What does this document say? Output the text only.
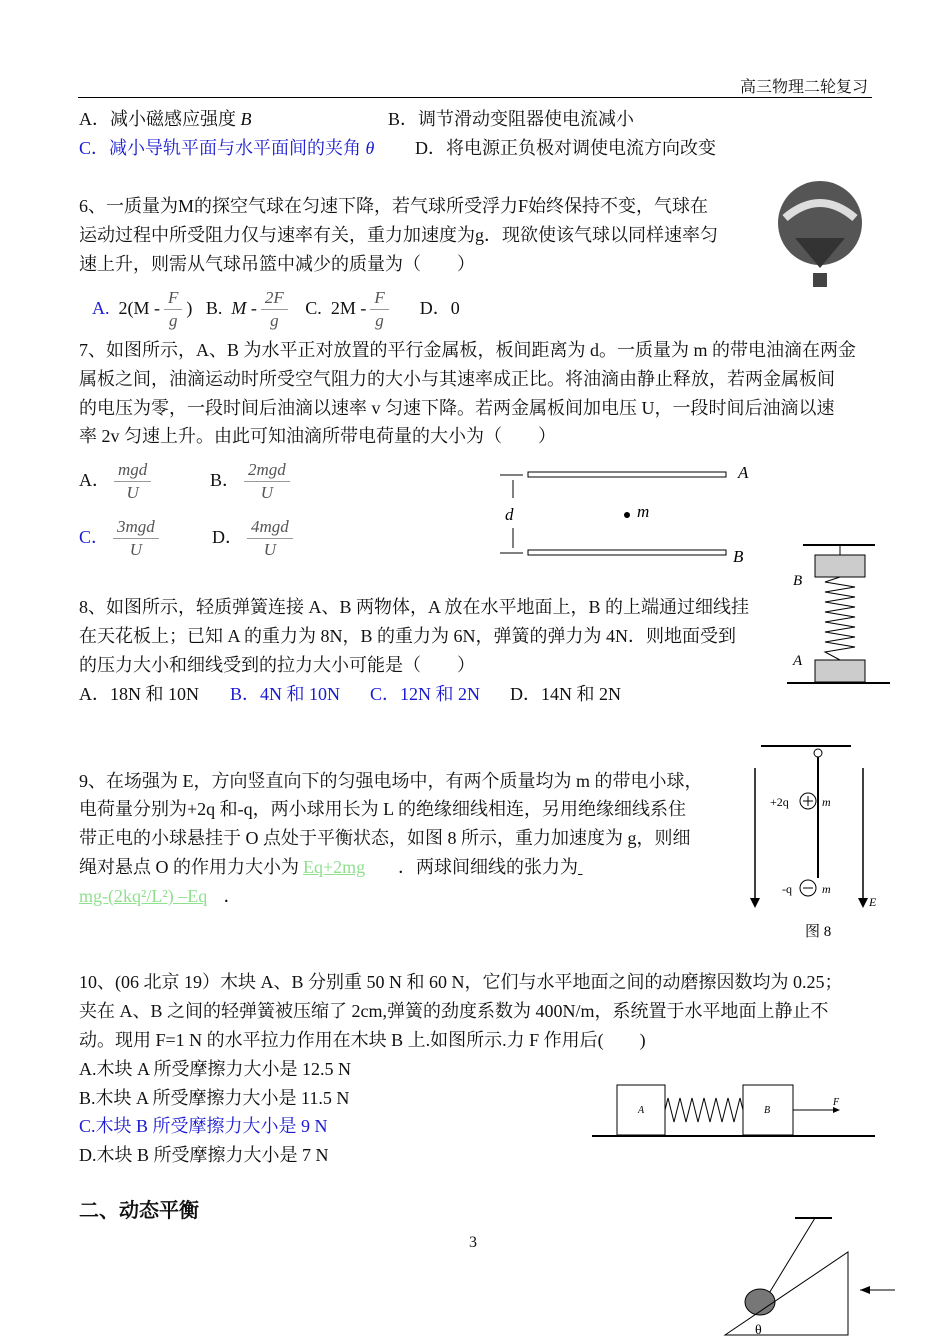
高三物理二轮复习
A．减小磁感应强度 B	B．调节滑动变阻器使电流减小
C．减小导轨平面与水平面间的夹角 θ D．将电源正负极对调使电流方向改变
6、一质量为M的探空气球在匀速下降，若气球所受浮力F始终保持不变，气球在
运动过程中所受阻力仅与速率有关，重力加速度为g．现欲使该气球以同样速率匀
速上升，则需从气球吊篮中减少的质量为（　　）
A. $2(M - \frac{F}{g}$ ) B. M - $\frac{2F}{g} C$. $2M - \frac{F}{g}$ D．0
7、如图所示，A、B 为水平正对放置的平行金属板，板间距离为 d。一质量为 m 的带电油滴在两金
属板之间，油滴运动时所受空气阻力的大小与其速率成正比。将油滴由静止释放，若两金属板间
的电压为零，一段时间后油滴以速率 v 匀速下降。若两金属板间加电压 U，一段时间后油滴以速
率 2v 匀速上升。由此可知油滴所带电荷量的大小为（　　）
A． $\frac{\text{mgd}}{U}$	B． $\frac{\text{2mgd}}{U}$
C． $\frac{\text{3mgd}}{U}$	D． $\frac{\text{4mgd}}{U}$
A
B
d	m
8、如图所示，轻质弹簧连接 A、B 两物体，A 放在水平地面上，B 的上端通过细线挂
在天花板上；已知 A 的重力为 8N，B 的重力为 6N，弹簧的弹力为 4N．则地面受到
的压力大小和细线受到的拉力大小可能是（　　）
A．18N 和 10N B．4N 和 10N C．12N 和 2N D．14N 和 2N
B
A
9、在场强为 E，方向竖直向下的匀强电场中，有两个质量均为 m 的带电小球，
电荷量分别为+2q 和-q，两小球用长为 L 的绝缘细线相连，另用绝缘细线系住
带正电的小球悬挂于 O 点处于平衡状态，如图 8 所示，重力加速度为 g，则细
绳对悬点 O 的作用力大小为 Eq+2mg ．两球间细线的张力为
mg-(2kq²/L²) –Eq ．
+2q
-q
m
m
E
图 8
10、(06 北京 19）木块 A、B 分别重 50 N 和 60 N，它们与水平地面之间的动磨擦因数均为 0.25；
夹在 A、B 之间的轻弹簧被压缩了 2cm,弹簧的劲度系数为 400N/m，系统置于水平地面上静止不
动。现用 F=1 N 的水平拉力作用在木块 B 上.如图所示.力 F 作用后(　　)
A.木块 A 所受摩擦力大小是 12.5 N
B.木块 A 所受摩擦力大小是 11.5 N
C.木块 B 所受摩擦力大小是 9 N
D.木块 B 所受摩擦力大小是 7 N
A	B
F
二、动态平衡
3
θ
